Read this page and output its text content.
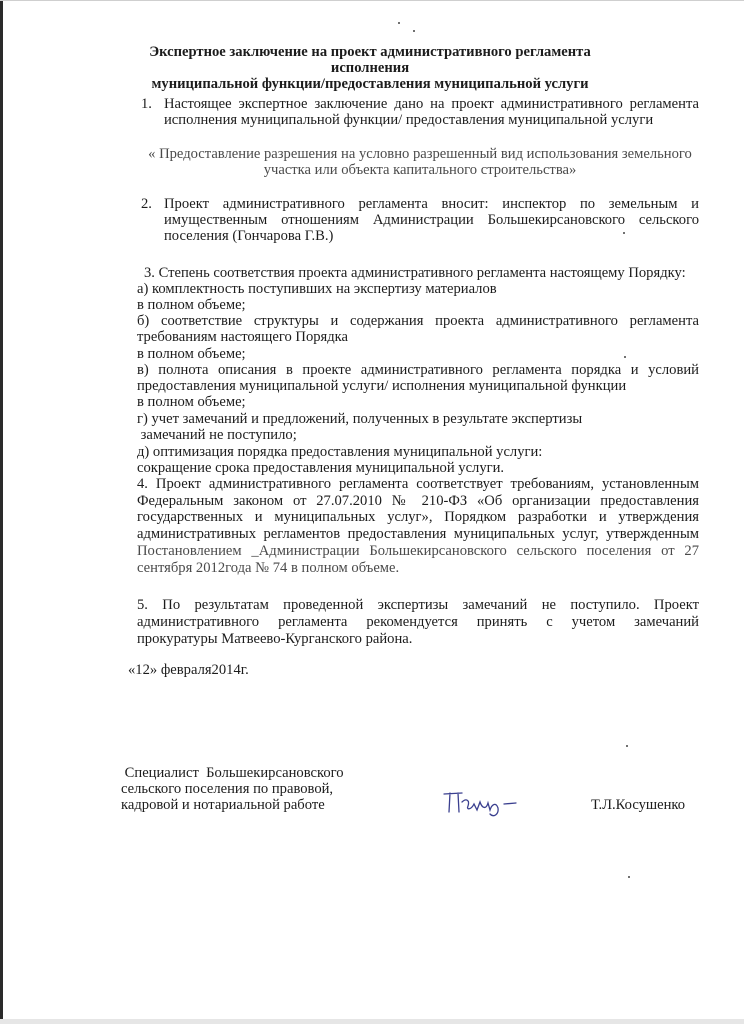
Экспертное заключение на проект административного регламента исполнения
муниципальной функции/предоставления муниципальной услуги
1. Настоящее экспертное заключение дано на проект административного регламента
исполнения муниципальной функции/ предоставления муниципальной услуги
« Предоставление разрешения на условно разрешенный вид использования земельного
участка или объекта капитального строительства»
2. Проект административного регламента вносит: инспектор по земельным и
имущественным отношениям Администрации Большекирсановского сельского
поселения (Гончарова Г.В.)
3. Степень соответствия проекта административного регламента настоящему Порядку:
а) комплектность поступивших на экспертизу материалов
в полном объеме;
б) соответствие структуры и содержания проекта административного регламента
требованиям настоящего Порядка
в полном объеме;
в) полнота описания в проекте административного регламента порядка и условий
предоставления муниципальной услуги/ исполнения муниципальной функции
в полном объеме;
г) учет замечаний и предложений, полученных в результате экспертизы
замечаний не поступило;
д) оптимизация порядка предоставления муниципальной услуги:
сокращение срока предоставления муниципальной услуги.
4. Проект административного регламента соответствует требованиям, установленным
Федеральным законом от 27.07.2010 № 210-ФЗ «Об организации предоставления
государственных и муниципальных услуг», Порядком разработки и утверждения
административных регламентов предоставления муниципальных услуг, утвержденным
Постановлением _Администрации Большекирсановского сельского поселения от 27
сентября 2012года № 74 в полном объеме.
5. По результатам проведенной экспертизы замечаний не поступило. Проект
административного регламента рекомендуется принять с учетом замечаний
прокуратуры Матвеево-Курганского района.
«12» февраля2014г.
Специалист  Большекирсановского
сельского поселения по правовой,
кадровой и нотариальной работе	Т.Л.Косушенко
